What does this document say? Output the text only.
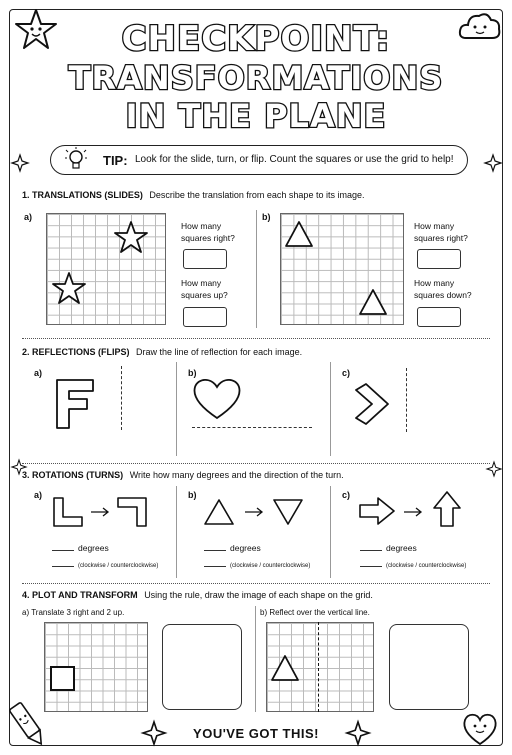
CHECKPOINT:
TRANSFORMATIONS
IN THE PLANE
TIP: Look for the slide, turn, or flip. Count the squares or use the grid to help!
1. TRANSLATIONS (SLIDES) Describe the translation from each shape to its image.
a)
How many
squares right?
How many
squares up?
b)
How many
squares right?
How many
squares down?
2. REFLECTIONS (FLIPS) Draw the line of reflection for each image.
a)	b)	c)
3. ROTATIONS (TURNS) Write how many degrees and the direction of the turn.
a)
degrees
(clockwise / counterclockwise)
b)
degrees
(clockwise / counterclockwise)
c)
degrees
(clockwise / counterclockwise)
4. PLOT AND TRANSFORM Using the rule, draw the image of each shape on the grid.
a) Translate 3 right and 2 up.	b) Reflect over the vertical line.
YOU'VE GOT THIS!
